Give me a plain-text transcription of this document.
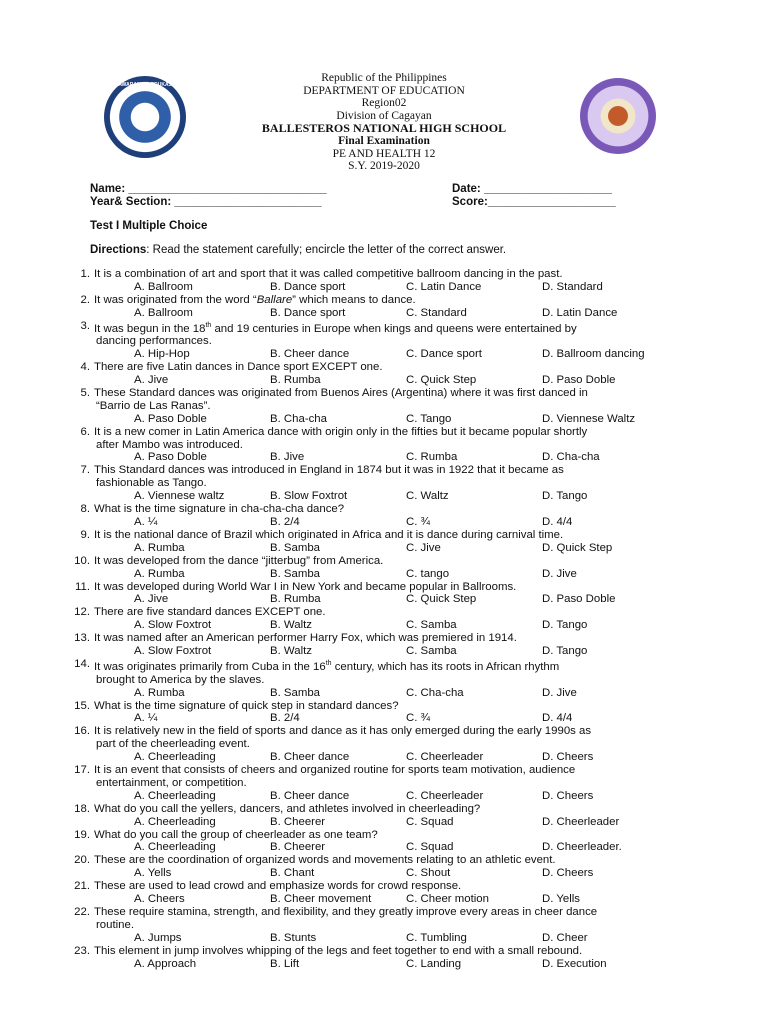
Republic of the Philippines
DEPARTMENT OF EDUCATION
Region02
Division of Cagayan
BALLESTEROS NATIONAL HIGH SCHOOL
Final Examination
PE AND HEALTH 12
S.Y. 2019-2020
KAGAWARAN NG EDUKASYON
Name: _______________________________	Date: ____________________
Year& Section: _______________________	Score:____________________
Test I Multiple Choice
Directions: Read the statement carefully; encircle the letter of the correct answer.
1. It is a combination of art and sport that it was called competitive ballroom dancing in the past.
A. Ballroom	B. Dance sport	C. Latin Dance	D. Standard
2. It was originated from the word “Ballare” which means to dance.
A. Ballroom	B. Dance sport	C. Standard	D. Latin Dance
3. It was begun in the 18th and 19 centuries in Europe when kings and queens were entertained by
dancing performances.
A. Hip-Hop	B. Cheer dance	C. Dance sport	D. Ballroom dancing
4. There are five Latin dances in Dance sport EXCEPT one.
A. Jive	B. Rumba	C. Quick Step	D. Paso Doble
5. These Standard dances was originated from Buenos Aires (Argentina) where it was first danced in
“Barrio de Las Ranas”.
A. Paso Doble	B. Cha-cha	C. Tango	D. Viennese Waltz
6. It is a new comer in Latin America dance with origin only in the fifties but it became popular shortly
after Mambo was introduced.
A. Paso Doble	B. Jive	C. Rumba	D. Cha-cha
7. This Standard dances was introduced in England in 1874 but it was in 1922 that it became as
fashionable as Tango.
A. Viennese waltz	B. Slow Foxtrot	C. Waltz	D. Tango
8. What is the time signature in cha-cha-cha dance?
A. ¼	B. 2/4	C. ¾	D. 4/4
9. It is the national dance of Brazil which originated in Africa and it is dance during carnival time.
A. Rumba	B. Samba	C. Jive	D. Quick Step
10. It was developed from the dance “jitterbug” from America.
A. Rumba	B. Samba	C. tango	D. Jive
11. It was developed during World War I in New York and became popular in Ballrooms.
A. Jive	B. Rumba	C. Quick Step	D. Paso Doble
12. There are five standard dances EXCEPT one.
A. Slow Foxtrot	B. Waltz	C. Samba	D. Tango
13. It was named after an American performer Harry Fox, which was premiered in 1914.
A. Slow Foxtrot	B. Waltz	C. Samba	D. Tango
14. It was originates primarily from Cuba in the 16th century, which has its roots in African rhythm
brought to America by the slaves.
A. Rumba	B. Samba	C. Cha-cha	D. Jive
15. What is the time signature of quick step in standard dances?
A. ¼	B. 2/4	C. ¾	D. 4/4
16. It is relatively new in the field of sports and dance as it has only emerged during the early 1990s as
part of the cheerleading event.
A. Cheerleading	B. Cheer dance	C. Cheerleader	D. Cheers
17. It is an event that consists of cheers and organized routine for sports team motivation, audience
entertainment, or competition.
A. Cheerleading	B. Cheer dance	C. Cheerleader	D. Cheers
18. What do you call the yellers, dancers, and athletes involved in cheerleading?
A. Cheerleading	B. Cheerer	C. Squad	D. Cheerleader
19. What do you call the group of cheerleader as one team?
A. Cheerleading	B. Cheerer	C. Squad	D. Cheerleader.
20. These are the coordination of organized words and movements relating to an athletic event.
A. Yells	B. Chant	C. Shout	D. Cheers
21. These are used to lead crowd and emphasize words for crowd response.
A. Cheers	B. Cheer movement	C. Cheer motion	D. Yells
22. These require stamina, strength, and flexibility, and they greatly improve every areas in cheer dance
routine.
A. Jumps	B. Stunts	C. Tumbling	D. Cheer
23. This element in jump involves whipping of the legs and feet together to end with a small rebound.
A. Approach	B. Lift	C. Landing	D. Execution
